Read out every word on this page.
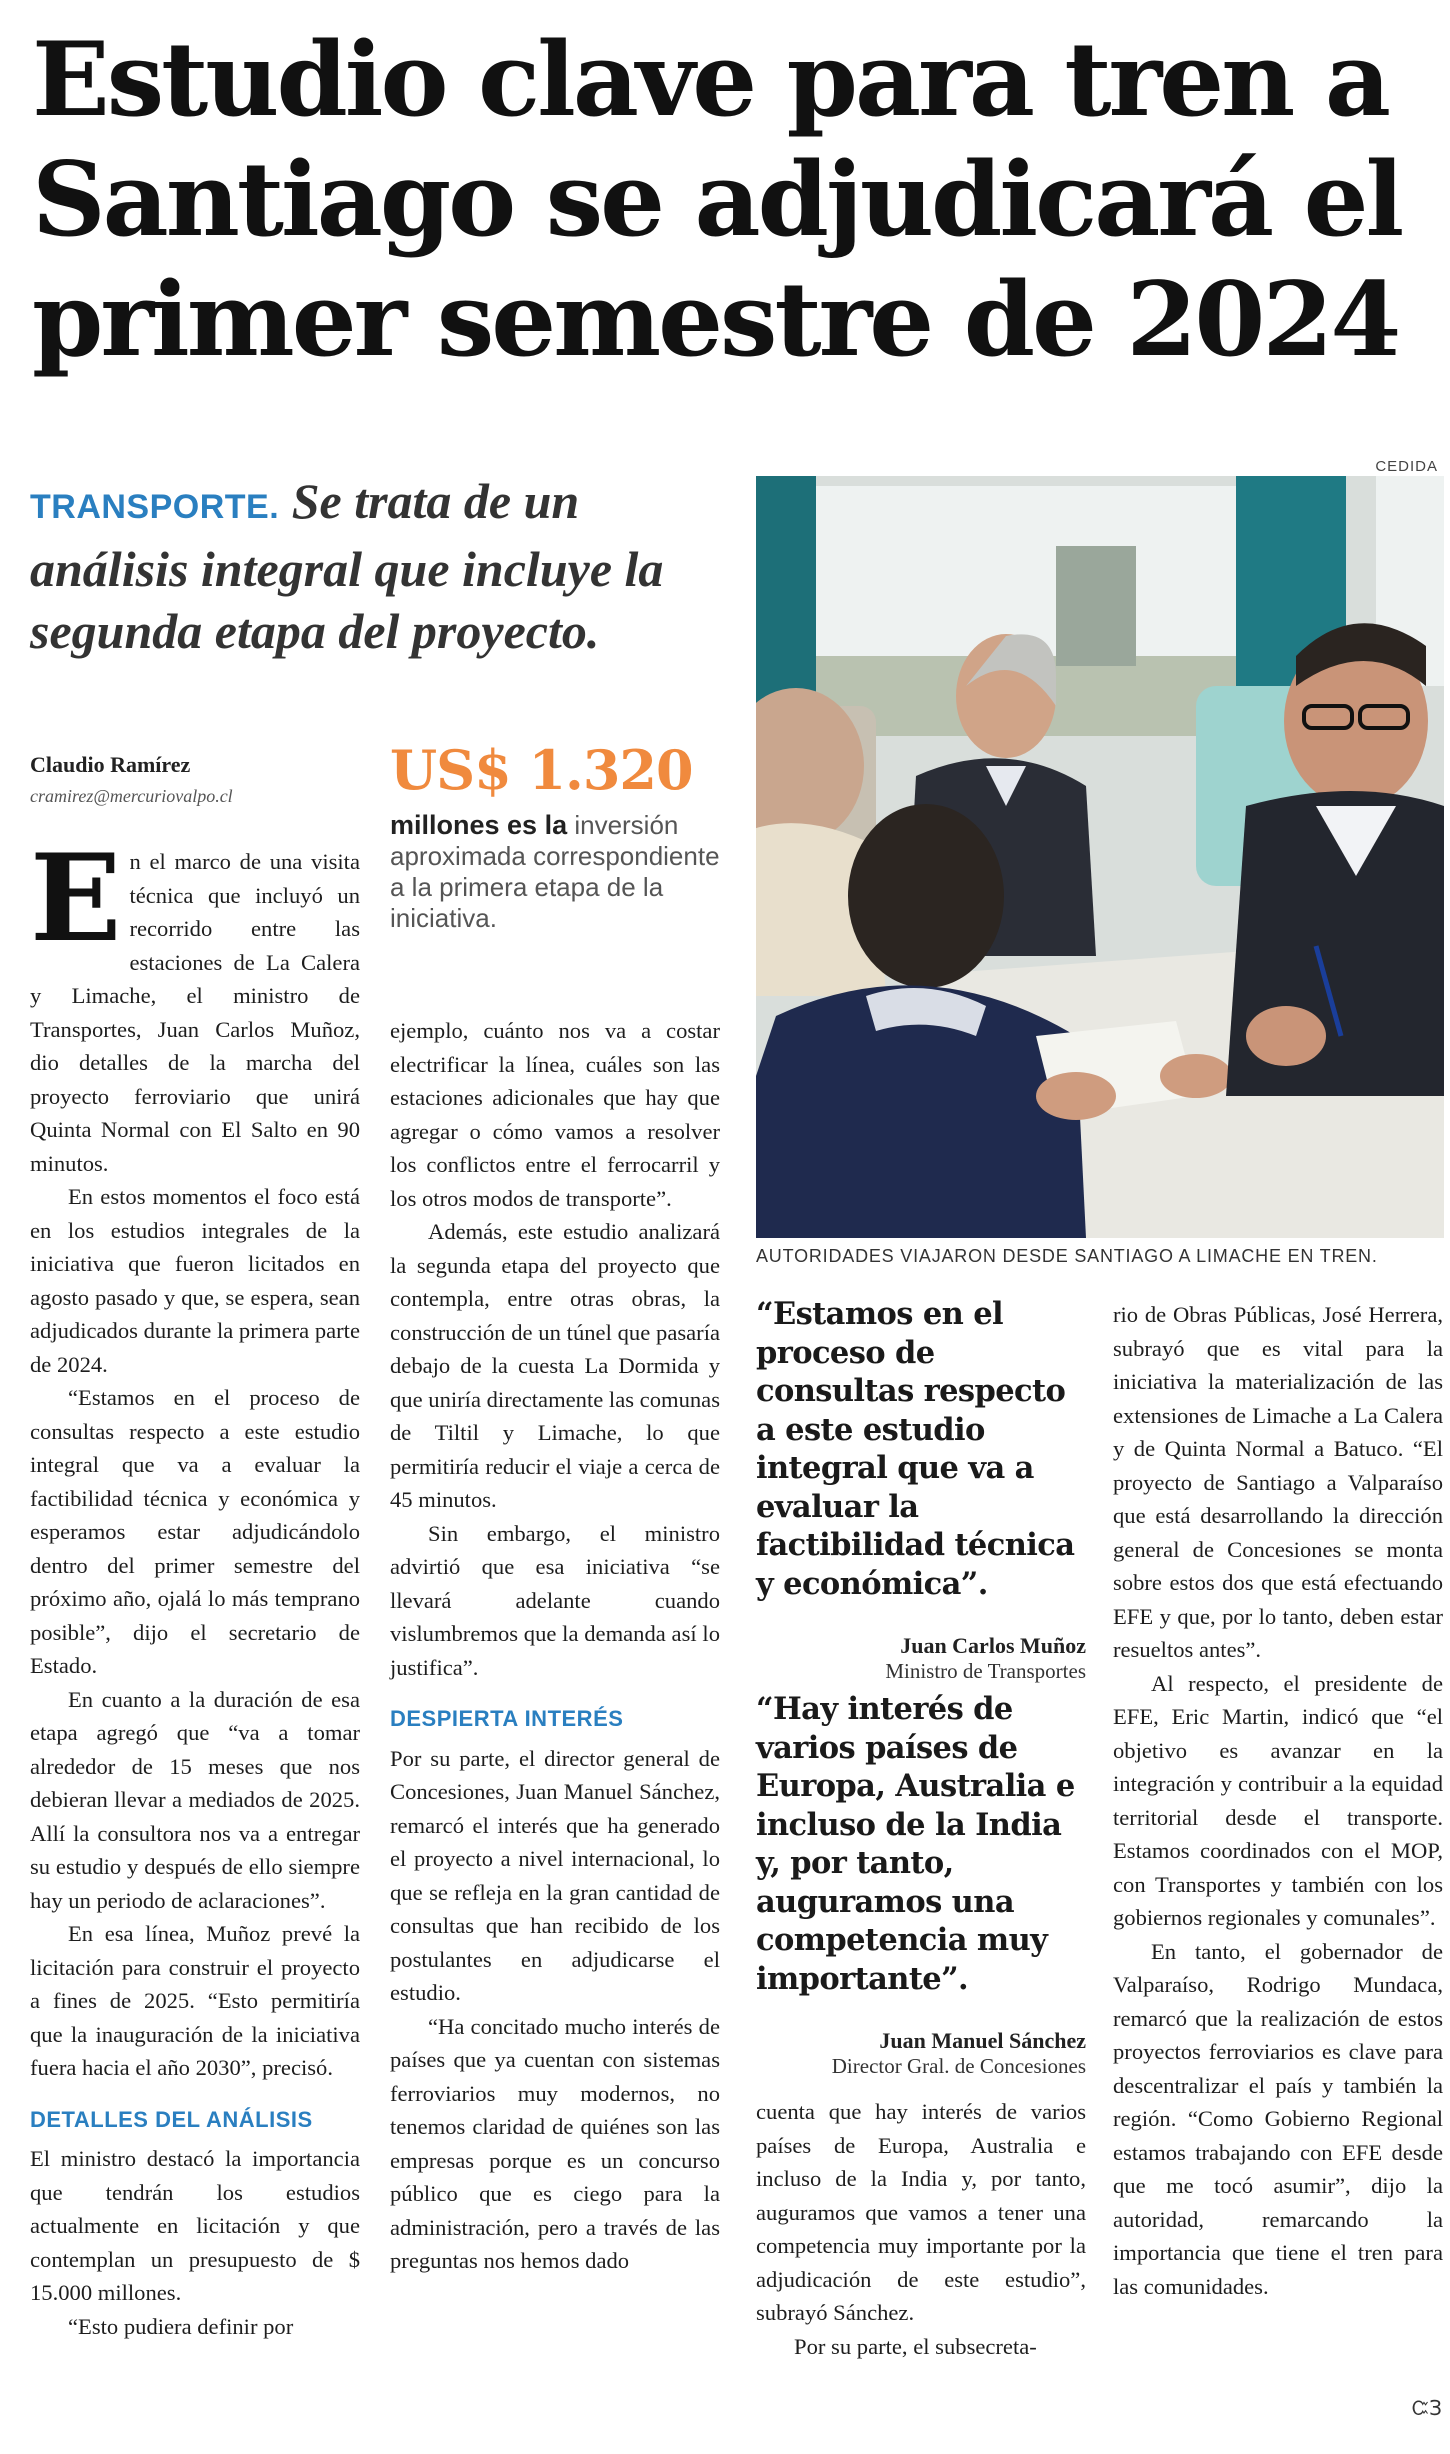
Estudio clave para tren a
Santiago se adjudicará el
primer semestre de 2024
TRANSPORTE. Se trata de un análisis integral que incluye la segunda etapa del proyecto.
CEDIDA
AUTORIDADES VIAJARON DESDE SANTIAGO A LIMACHE EN TREN.
Claudio Ramírez
cramirez@mercuriovalpo.cl	US$ 1.320
millones es la inversión aproximada correspondiente a la primera etapa de la iniciativa.

E n el marco de una visita técnica que incluyó un recorrido entre las estaciones de La Calera y Limache, el ministro de Transportes, Juan Carlos Muñoz, dio detalles de la marcha del proyecto ferroviario que unirá Quinta Normal con El Salto en 90 minutos.

En estos momentos el foco está en los estudios integrales de la iniciativa que fueron licitados en agosto pasado y que, se espera, sean adjudicados durante la primera parte de 2024.

“Estamos en el proceso de consultas respecto a este estudio integral que va a evaluar la factibilidad técnica y económica y esperamos estar adjudicándolo dentro del primer semestre del próximo año, ojalá lo más temprano posible”, dijo el secretario de Estado.

En cuanto a la duración de esa etapa agregó que “va a tomar alrededor de 15 meses que nos debieran llevar a mediados de 2025. Allí la consultora nos va a entregar su estudio y después de ello siempre hay un periodo de aclaraciones”.

En esa línea, Muñoz prevé la licitación para construir el proyecto a fines de 2025. “Esto permitiría que la inauguración de la iniciativa fuera hacia el año 2030”, precisó.

DETALLES DEL ANÁLISIS

El ministro destacó la importancia que tendrán los estudios actualmente en licitación y que contemplan un presupuesto de $ 15.000 millones.

“Esto pudiera definir por

ejemplo, cuánto nos va a costar electrificar la línea, cuáles son las estaciones adicionales que hay que agregar o cómo vamos a resolver los conflictos entre el ferrocarril y los otros modos de transporte”.

Además, este estudio analizará la segunda etapa del proyecto que contempla, entre otras obras, la construcción de un túnel que pasaría debajo de la cuesta La Dormida y que uniría directamente las comunas de Tiltil y Limache, lo que permitiría reducir el viaje a cerca de 45 minutos.

Sin embargo, el ministro advirtió que esa iniciativa “se llevará adelante cuando vislumbremos que la demanda así lo justifica”.

DESPIERTA INTERÉS

Por su parte, el director general de Concesiones, Juan Manuel Sánchez, remarcó el interés que ha generado el proyecto a nivel internacional, lo que se refleja en la gran cantidad de consultas que han recibido de los postulantes en adjudicarse el estudio.

“Ha concitado mucho interés de países que ya cuentan con sistemas ferroviarios muy modernos, no tenemos claridad de quiénes son las empresas porque es un concurso público que es ciego para la administración, pero a través de las preguntas nos hemos dado

“Estamos en el proceso de consultas respecto a este estudio integral que va a evaluar la factibilidad técnica y económica”.
Juan Carlos Muñoz
Ministro de Transportes
“Hay interés de varios países de Europa, Australia e incluso de la India y, por tanto, auguramos una competencia muy importante”.
Juan Manuel Sánchez
Director Gral. de Concesiones

cuenta que hay interés de varios países de Europa, Australia e incluso de la India y, por tanto, auguramos que vamos a tener una competencia muy importante por la adjudicación de este estudio”, subrayó Sánchez.

Por su parte, el subsecreta-

rio de Obras Públicas, José Herrera, subrayó que es vital para la iniciativa la materialización de las extensiones de Limache a La Calera y de Quinta Normal a Batuco. “El proyecto de Santiago a Valparaíso que está desarrollando la dirección general de Concesiones se monta sobre estos dos que está efectuando EFE y que, por lo tanto, deben estar resueltos antes”.

Al respecto, el presidente de EFE, Eric Martin, indicó que “el objetivo es avanzar en la integración y contribuir a la equidad territorial desde el transporte. Estamos coordinados con el MOP, con Transportes y también con los gobiernos regionales y comunales”.

En tanto, el gobernador de Valparaíso, Rodrigo Mundaca, remarcó que la realización de estos proyectos ferroviarios es clave para descentralizar el país y también la región. “Como Gobierno Regional estamos trabajando con EFE desde que me tocó asumir”, dijo la autoridad, remarcando la importancia que tiene el tren para las comunidades.

ᏨЗ
